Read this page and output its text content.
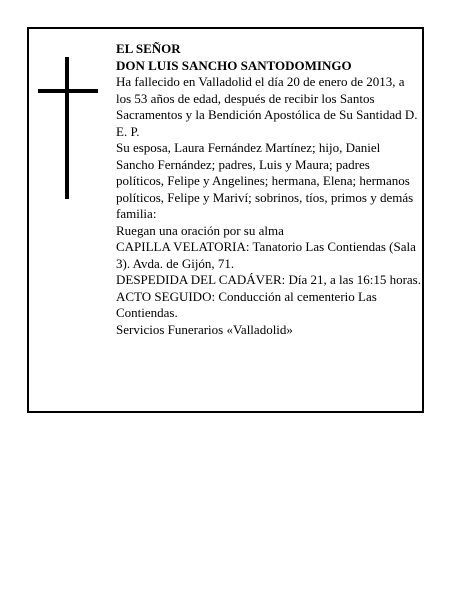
EL SEÑOR
DON LUIS SANCHO SANTODOMINGO
Ha fallecido en Valladolid el día 20 de enero de 2013, a los 53 años de edad, después de recibir los Santos Sacramentos y la Bendición Apostólica de Su Santidad D. E. P.
Su esposa, Laura Fernández Martínez; hijo, Daniel Sancho Fernández; padres, Luis y Maura; padres políticos, Felipe y Angelines; hermana, Elena; hermanos políticos, Felipe y Mariví; sobrinos, tíos, primos y demás familia:
Ruegan una oración por su alma
CAPILLA VELATORIA: Tanatorio Las Contiendas (Sala 3). Avda. de Gijón, 71.
DESPEDIDA DEL CADÁVER: Día 21, a las 16:15 horas.
ACTO SEGUIDO: Conducción al cementerio Las Contiendas.
Servicios Funerarios «Valladolid»
